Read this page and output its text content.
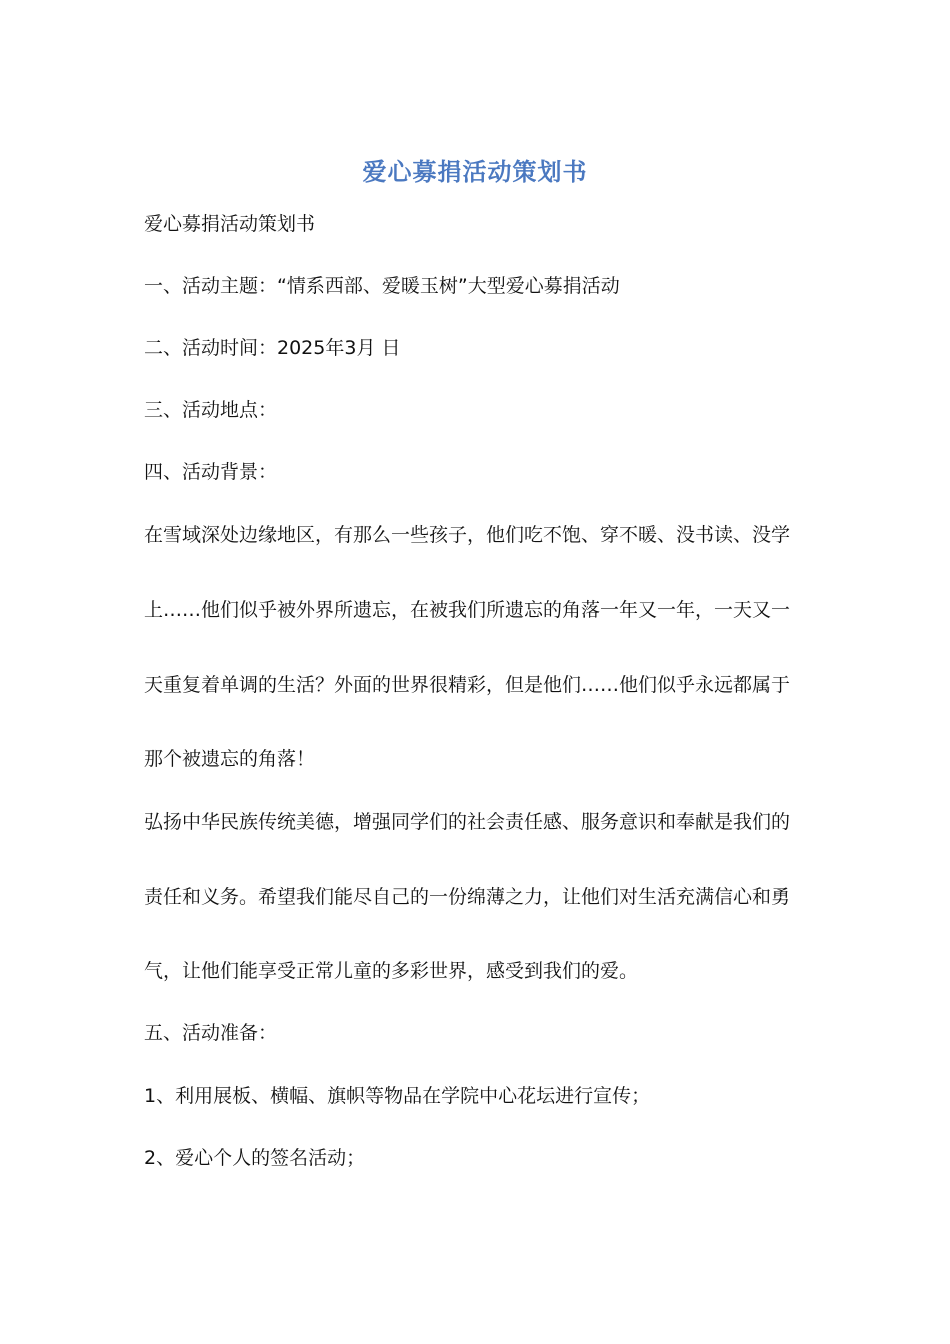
爱心募捐活动策划书
爱心募捐活动策划书
一、活动主题：“情系西部、爱暖玉树”大型爱心募捐活动
二、活动时间：2025年3月 日
三、活动地点：
四、活动背景：
在雪域深处边缘地区，有那么一些孩子，他们吃不饱、穿不暖、没书读、没学
上……他们似乎被外界所遗忘，在被我们所遗忘的角落一年又一年，一天又一
天重复着单调的生活？外面的世界很精彩，但是他们……他们似乎永远都属于
那个被遗忘的角落！
弘扬中华民族传统美德，增强同学们的社会责任感、服务意识和奉献是我们的
责任和义务。希望我们能尽自己的一份绵薄之力，让他们对生活充满信心和勇
气，让他们能享受正常儿童的多彩世界，感受到我们的爱。
五、活动准备：
1、利用展板、横幅、旗帜等物品在学院中心花坛进行宣传；
2、爱心个人的签名活动；
